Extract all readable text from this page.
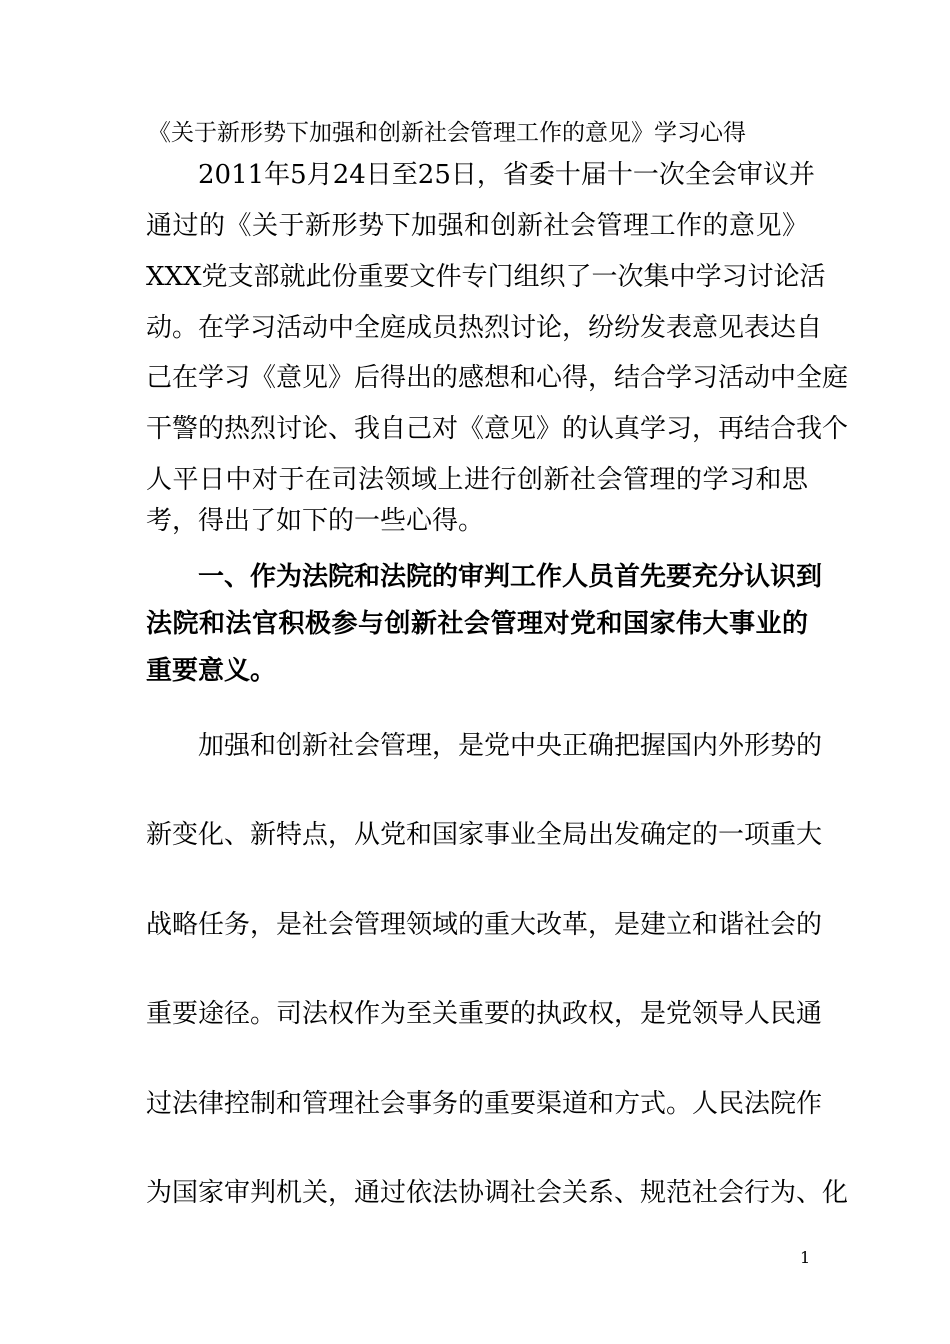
《关于新形势下加强和创新社会管理工作的意见》学习心得
2011年5月24日至25日，省委十届十一次全会审议并
通过的《关于新形势下加强和创新社会管理工作的意见》
XXX党支部就此份重要文件专门组织了一次集中学习讨论活
动。在学习活动中全庭成员热烈讨论，纷纷发表意见表达自
己在学习《意见》后得出的感想和心得，结合学习活动中全庭
干警的热烈讨论、我自己对《意见》的认真学习，再结合我个
人平日中对于在司法领域上进行创新社会管理的学习和思
考，得出了如下的一些心得。
一、作为法院和法院的审判工作人员首先要充分认识到
法院和法官积极参与创新社会管理对党和国家伟大事业的
重要意义。
加强和创新社会管理，是党中央正确把握国内外形势的
新变化、新特点，从党和国家事业全局出发确定的一项重大
战略任务，是社会管理领域的重大改革，是建立和谐社会的
重要途径。司法权作为至关重要的执政权，是党领导人民通
过法律控制和管理社会事务的重要渠道和方式。人民法院作
为国家审判机关，通过依法协调社会关系、规范社会行为、化
1
